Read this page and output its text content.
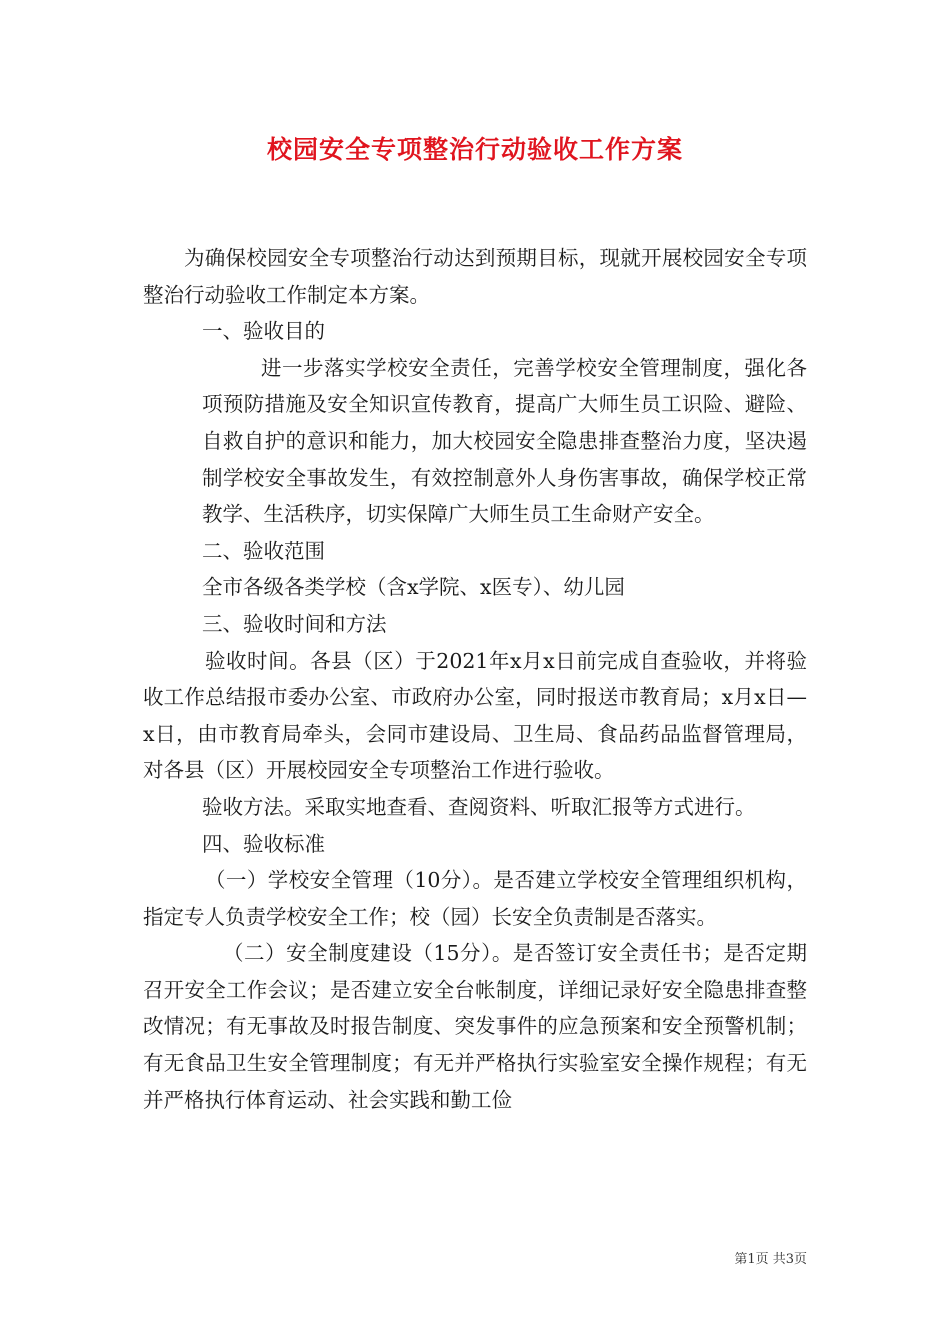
校园安全专项整治行动验收工作方案

为确保校园安全专项整治行动达到预期目标，现就开展校园安全专项整治行动验收工作制定本方案。

一、验收目的

进一步落实学校安全责任，完善学校安全管理制度，强化各项预防措施及安全知识宣传教育，提高广大师生员工识险、避险、自救自护的意识和能力，加大校园安全隐患排查整治力度，坚决遏制学校安全事故发生，有效控制意外人身伤害事故，确保学校正常教学、生活秩序，切实保障广大师生员工生命财产安全。

二、验收范围

全市各级各类学校（含x学院、x医专）、幼儿园

三、验收时间和方法

验收时间。各县（区）于2021年x月x日前完成自查验收，并将验收工作总结报市委办公室、市政府办公室，同时报送市教育局；x月x日—x日，由市教育局牵头，会同市建设局、卫生局、食品药品监督管理局，对各县（区）开展校园安全专项整治工作进行验收。

验收方法。采取实地查看、查阅资料、听取汇报等方式进行。

四、验收标准

（一）学校安全管理（10分）。是否建立学校安全管理组织机构，指定专人负责学校安全工作；校（园）长安全负责制是否落实。

（二）安全制度建设（15分）。是否签订安全责任书；是否定期召开安全工作会议；是否建立安全台帐制度，详细记录好安全隐患排查整改情况；有无事故及时报告制度、突发事件的应急预案和安全预警机制；有无食品卫生安全管理制度；有无并严格执行实验室安全操作规程；有无并严格执行体育运动、社会实践和勤工俭

第1页 共3页
